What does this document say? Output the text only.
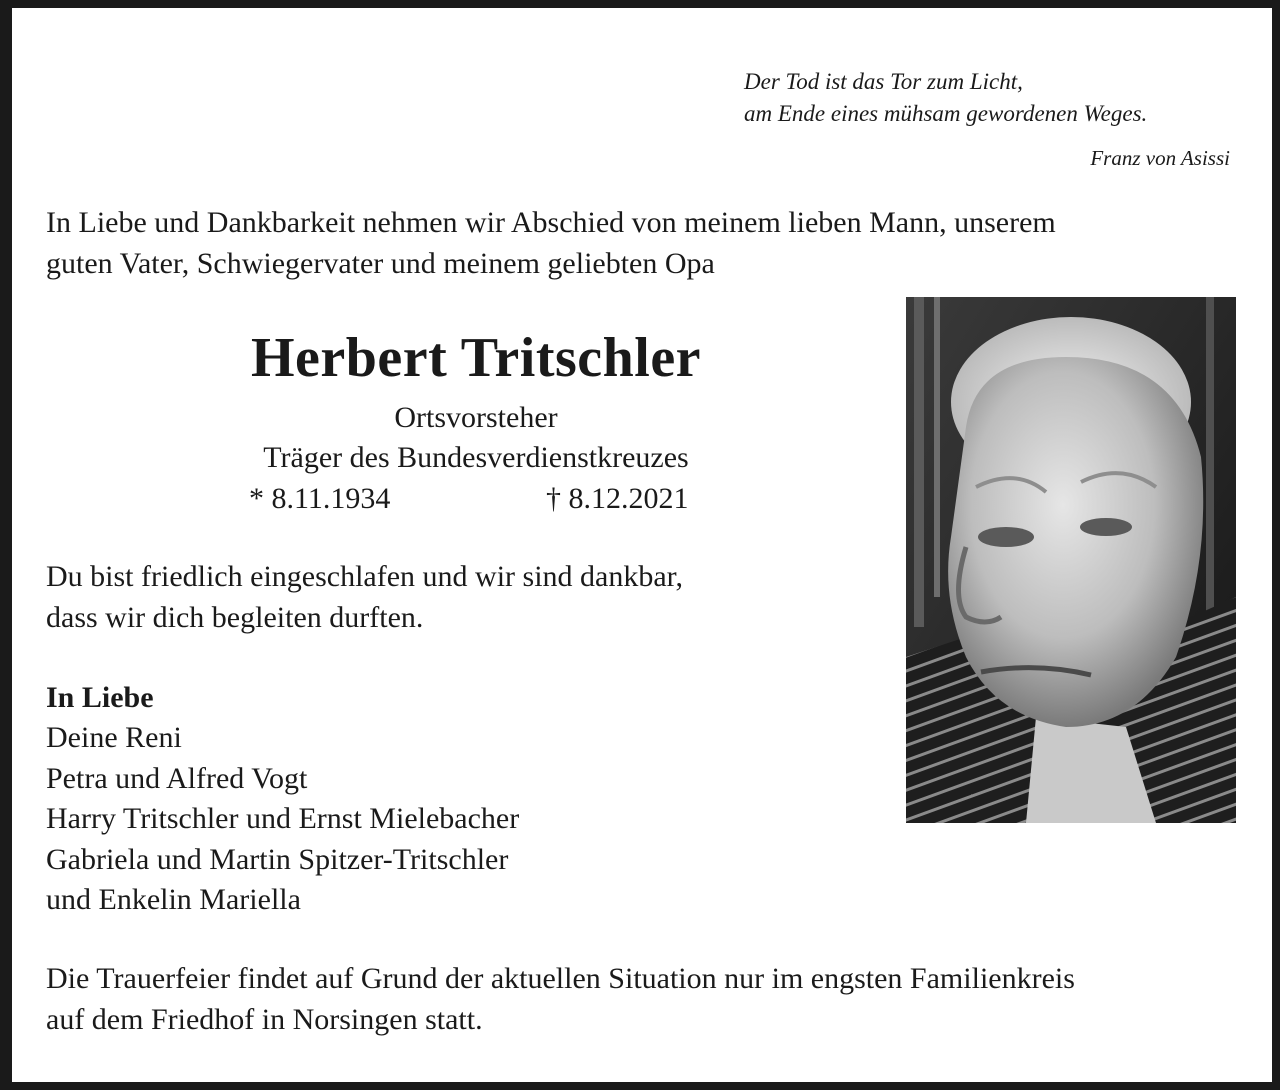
Der Tod ist das Tor zum Licht,
am Ende eines mühsam gewordenen Weges.

Franz von Asissi

In Liebe und Dankbarkeit nehmen wir Abschied von meinem lieben Mann, unserem
guten Vater, Schwiegervater und meinem geliebten Opa

Herbert Tritschler

Ortsvorsteher

Träger des Bundesverdienstkreuzes

* 8.11.1934	† 8.12.2021

Du bist friedlich eingeschlafen und wir sind dankbar,
dass wir dich begleiten durften.

In Liebe

Deine Reni
Petra und Alfred Vogt
Harry Tritschler und Ernst Mielebacher
Gabriela und Martin Spitzer-Tritschler
und Enkelin Mariella

Die Trauerfeier findet auf Grund der aktuellen Situation nur im engsten Familienkreis
auf dem Friedhof in Norsingen statt.
